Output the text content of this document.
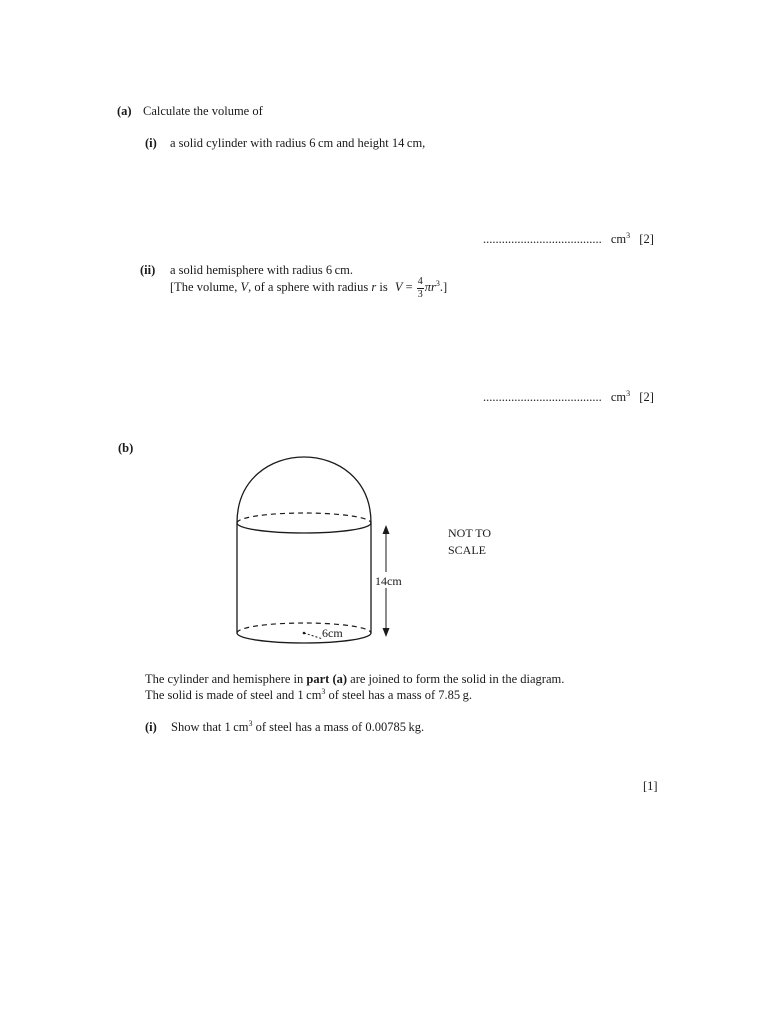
(a) Calculate the volume of
(i) a solid cylinder with radius 6 cm and height 14 cm,
...................................... $cm^3$ [2]
(ii) a solid hemisphere with radius 6 cm.
[The volume, V, of a sphere with radius r is $V = \frac{4}{3} \pi r^3$.]
...................................... $cm^3$ [2]
(b)
6cm
14cm
NOT TO
SCALE
The cylinder and hemisphere in part (a) are joined to form the solid in the diagram.
The solid is made of steel and 1 $cm^3$ of steel has a mass of 7.85 g.
(i) Show that 1 $cm^3$ of steel has a mass of 0.00785 kg.
[1]
